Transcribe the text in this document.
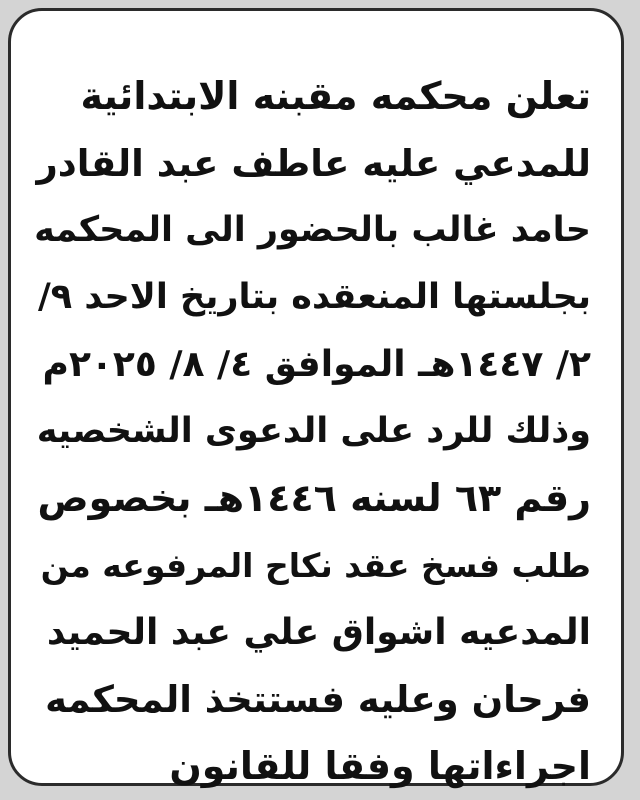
تعلن محكمه مقبنه الابتدائية
للمدعي عليه عاطف عبد القادر
حامد غالب بالحضور الى المحكمه
بجلستها المنعقده بتاريخ الاحد ٩/
٢/ ١٤٤٧هـ الموافق ٤/ ٨/ ٢٠٢٥م
وذلك للرد على الدعوى الشخصيه
رقم ٦٣ لسنه ١٤٤٦هـ بخصوص
طلب فسخ عقد نكاح المرفوعه من
المدعيه اشواق علي عبد الحميد
فرحان وعليه فستتخذ المحكمه
اجراءاتها وفقا للقانون
